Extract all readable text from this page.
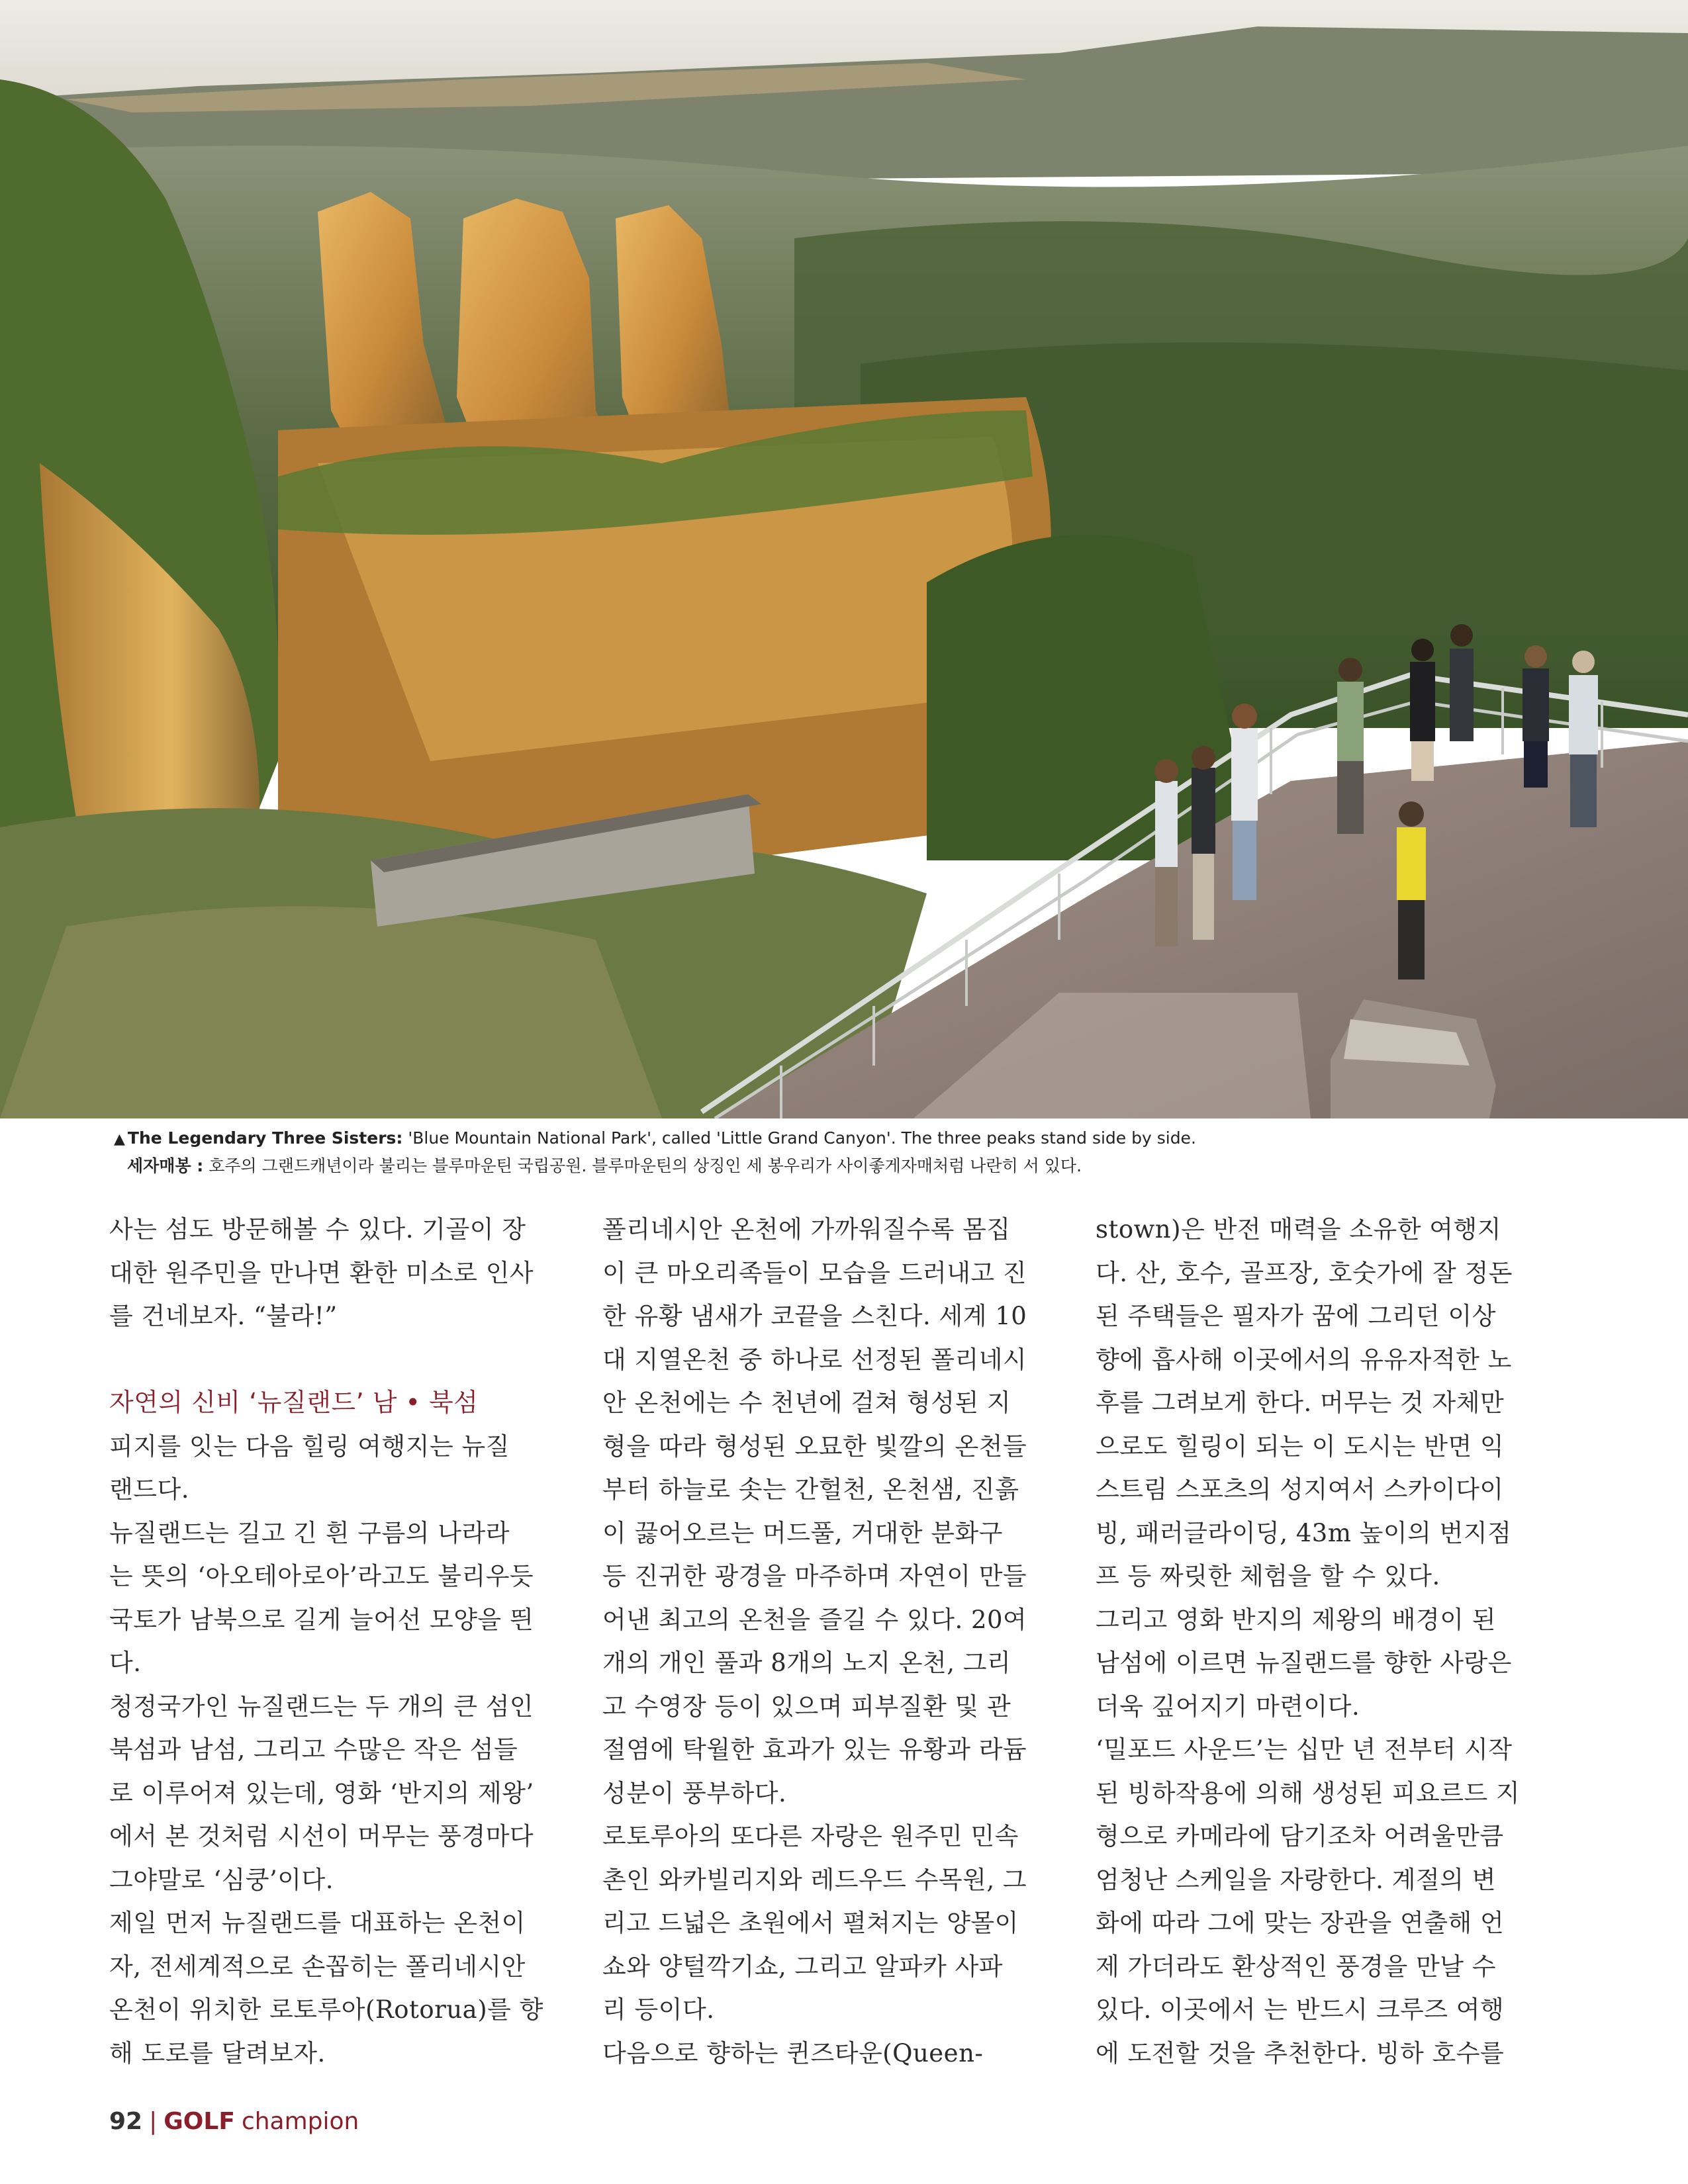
▲ The Legendary Three Sisters: 'Blue Mountain National Park', called 'Little Grand Canyon'. The three peaks stand side by side.
세자매봉 : 호주의 그랜드캐년이라 불리는 블루마운틴 국립공원. 블루마운틴의 상징인 세 봉우리가 사이좋게자매처럼 나란히 서 있다.

사는 섬도 방문해볼 수 있다. 기골이 장
대한 원주민을 만나면 환한 미소로 인사
를 건네보자. “불라!”

자연의 신비 ‘뉴질랜드’ 남 • 북섬

피지를 잇는 다음 힐링 여행지는 뉴질
랜드다.

뉴질랜드는 길고 긴 흰 구름의 나라라
는 뜻의 ‘아오테아로아’라고도 불리우듯
국토가 남북으로 길게 늘어선 모양을 띈
다.

청정국가인 뉴질랜드는 두 개의 큰 섬인
북섬과 남섬, 그리고 수많은 작은 섬들
로 이루어져 있는데, 영화 ‘반지의 제왕’
에서 본 것처럼 시선이 머무는 풍경마다
그야말로 ‘심쿵’이다.

제일 먼저 뉴질랜드를 대표하는 온천이
자, 전세계적으로 손꼽히는 폴리네시안
온천이 위치한 로토루아(Rotorua)를 향
해 도로를 달려보자.

폴리네시안 온천에 가까워질수록 몸집
이 큰 마오리족들이 모습을 드러내고 진
한 유황 냄새가 코끝을 스친다. 세계 10
대 지열온천 중 하나로 선정된 폴리네시
안 온천에는 수 천년에 걸쳐 형성된 지
형을 따라 형성된 오묘한 빛깔의 온천들
부터 하늘로 솟는 간헐천, 온천샘, 진흙
이 끓어오르는 머드풀, 거대한 분화구
등 진귀한 광경을 마주하며 자연이 만들
어낸 최고의 온천을 즐길 수 있다. 20여
개의 개인 풀과 8개의 노지 온천, 그리
고 수영장 등이 있으며 피부질환 및 관
절염에 탁월한 효과가 있는 유황과 라듐
성분이 풍부하다.

로토루아의 또다른 자랑은 원주민 민속
촌인 와카빌리지와 레드우드 수목원, 그
리고 드넓은 초원에서 펼쳐지는 양몰이
쇼와 양털깍기쇼, 그리고 알파카 사파
리 등이다.

다음으로 향하는 퀸즈타운(Queen-

stown)은 반전 매력을 소유한 여행지
다. 산, 호수, 골프장, 호숫가에 잘 정돈
된 주택들은 필자가 꿈에 그리던 이상
향에 흡사해 이곳에서의 유유자적한 노
후를 그려보게 한다. 머무는 것 자체만
으로도 힐링이 되는 이 도시는 반면 익
스트림 스포츠의 성지여서 스카이다이
빙, 패러글라이딩, 43m 높이의 번지점
프 등 짜릿한 체험을 할 수 있다.

그리고 영화 반지의 제왕의 배경이 된
남섬에 이르면 뉴질랜드를 향한 사랑은
더욱 깊어지기 마련이다.

‘밀포드 사운드’는 십만 년 전부터 시작
된 빙하작용에 의해 생성된 피요르드 지
형으로 카메라에 담기조차 어려울만큼
엄청난 스케일을 자랑한다. 계절의 변
화에 따라 그에 맞는 장관을 연출해 언
제 가더라도 환상적인 풍경을 만날 수
있다. 이곳에서 는 반드시 크루즈 여행
에 도전할 것을 추천한다. 빙하 호수를

92 | GOLF champion
